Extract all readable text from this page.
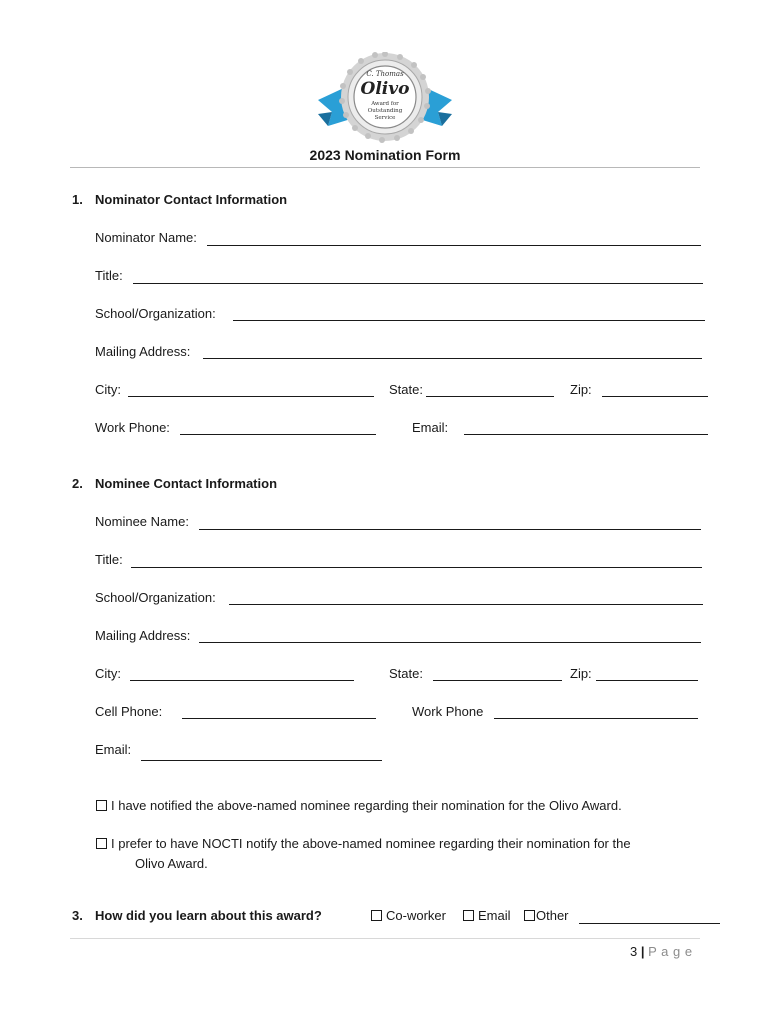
C. Thomas
Olivo
Award for
Outstanding
Service
2023 Nomination Form
1. Nominator Contact Information
Nominator Name:
Title:
School/Organization:
Mailing Address:
City:	State:	Zip:
Work Phone:	Email:
2. Nominee Contact Information
Nominee Name:
Title:
School/Organization:
Mailing Address:
City:	State:	Zip:
Cell Phone:	Work Phone
Email:
I have notified the above-named nominee regarding their nomination for the Olivo Award.
I prefer to have NOCTI notify the above-named nominee regarding their nomination for the
Olivo Award.
3. How did you learn about this award?	Co-worker	Email	Other
3 | P a g e
